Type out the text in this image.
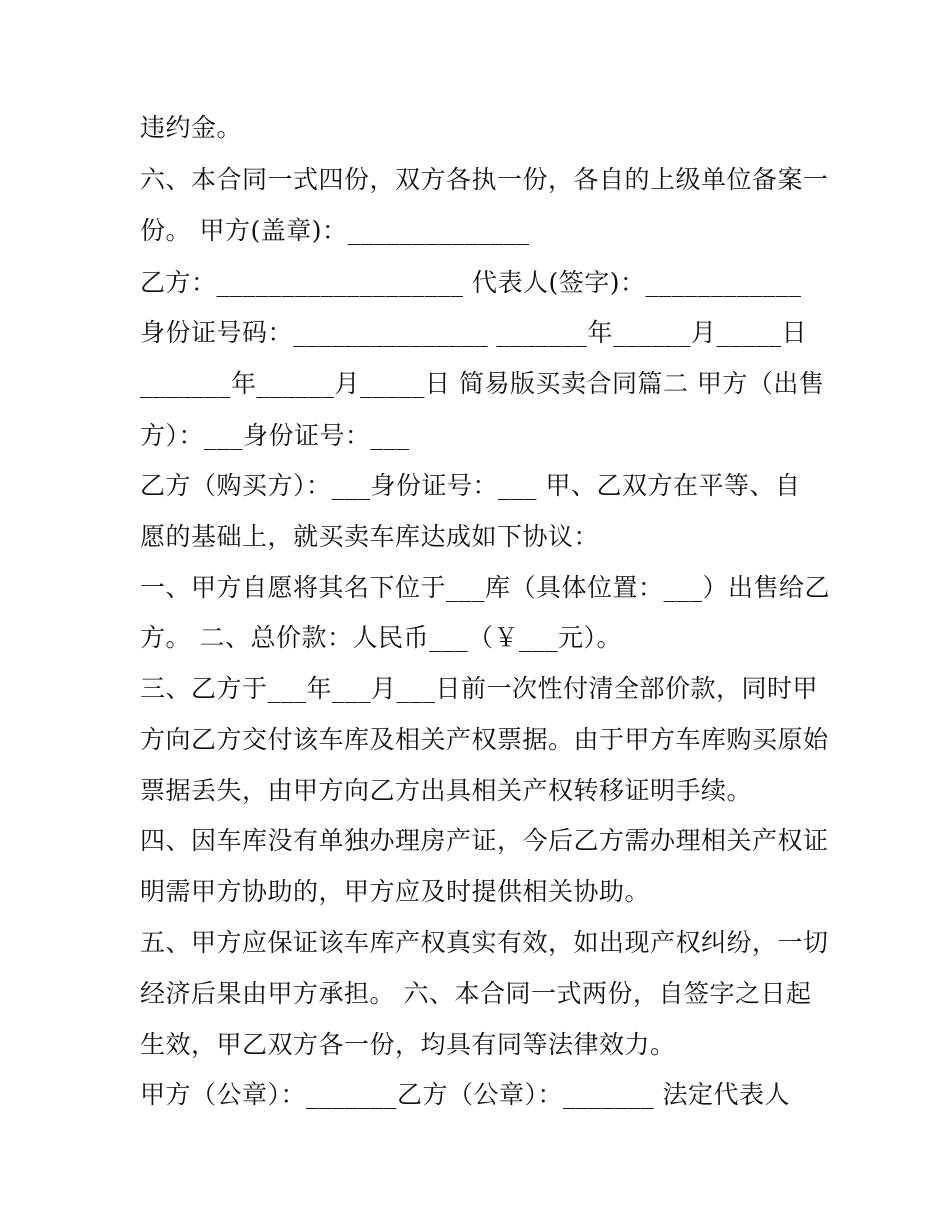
违约金。
六、本合同一式四份，双方各执一份，各自的上级单位备案一
份。 甲方(盖章)：______________
乙方：___________________ 代表人(签字)：____________
身份证号码：_______________ _______年______月_____日
_______年______月_____日 简易版买卖合同篇二 甲方（出售
方）：___身份证号：___
乙方（购买方）：___身份证号：___ 甲、乙双方在平等、自
愿的基础上，就买卖车库达成如下协议：
一、甲方自愿将其名下位于___库（具体位置：___）出售给乙
方。 二、总价款：人民币___（￥___元）。
三、乙方于___年___月___日前一次性付清全部价款，同时甲
方向乙方交付该车库及相关产权票据。由于甲方车库购买原始
票据丢失，由甲方向乙方出具相关产权转移证明手续。
四、因车库没有单独办理房产证，今后乙方需办理相关产权证
明需甲方协助的，甲方应及时提供相关协助。
五、甲方应保证该车库产权真实有效，如出现产权纠纷，一切
经济后果由甲方承担。 六、本合同一式两份，自签字之日起
生效，甲乙双方各一份，均具有同等法律效力。
甲方（公章）：_______乙方（公章）：_______ 法定代表人
